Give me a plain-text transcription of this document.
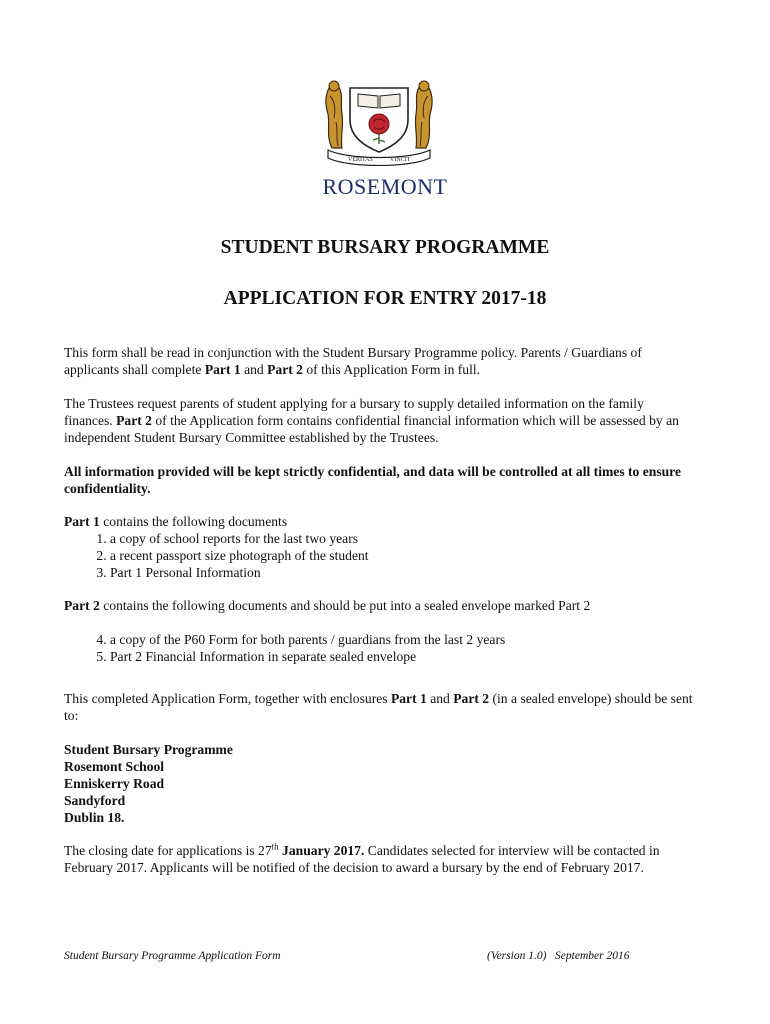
VERITAS	VINCIT
ROSEMONT
STUDENT BURSARY PROGRAMME
APPLICATION FOR ENTRY 2017-18

This form shall be read in conjunction with the Student Bursary Programme policy. Parents / Guardians of applicants shall complete Part 1 and Part 2 of this Application Form in full.

The Trustees request parents of student applying for a bursary to supply detailed information on the family finances. Part 2 of the Application form contains confidential financial information which will be assessed by an independent Student Bursary Committee established by the Trustees.

All information provided will be kept strictly confidential, and data will be controlled at all times to ensure confidentiality.

Part 1 contains the following documents

1. a copy of school reports for the last two years
2. a recent passport size photograph of the student
3. Part 1 Personal Information

Part 2 contains the following documents and should be put into a sealed envelope marked Part 2

4. a copy of the P60 Form for both parents / guardians from the last 2 years
5. Part 2 Financial Information in separate sealed envelope

This completed Application Form, together with enclosures Part 1 and Part 2 (in a sealed envelope) should be sent to:

Student Bursary Programme
Rosemont School
Enniskerry Road
Sandyford
Dublin 18.

The closing date for applications is 27th January 2017. Candidates selected for interview will be contacted in February 2017. Applicants will be notified of the decision to award a bursary by the end of February 2017.

Student Bursary Programme Application Form	(Version 1.0)   September 2016
